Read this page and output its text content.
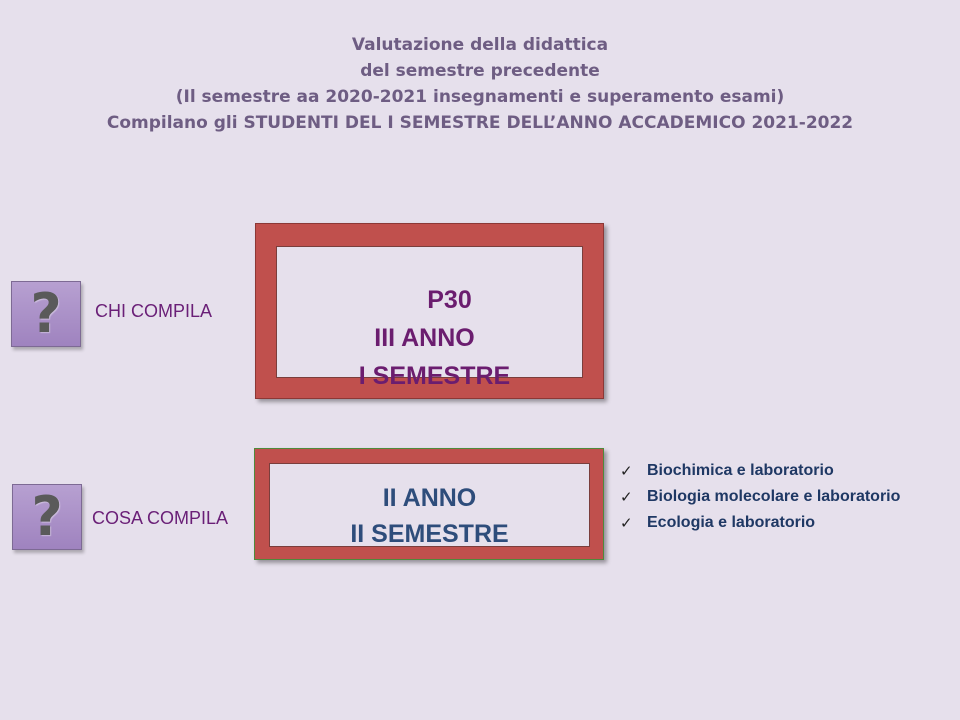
Valutazione della didattica
del semestre precedente
(Il semestre aa 2020-2021 insegnamenti e superamento esami)
Compilano gli STUDENTI DEL I SEMESTRE DELL’ANNO ACCADEMICO 2021-2022
? CHI COMPILA	P30
III ANNO
I SEMESTRE
? COSA COMPILA
II ANNO
II SEMESTRE
✓ Biochimica e laboratorio
✓ Biologia molecolare e laboratorio
✓ Ecologia e laboratorio
